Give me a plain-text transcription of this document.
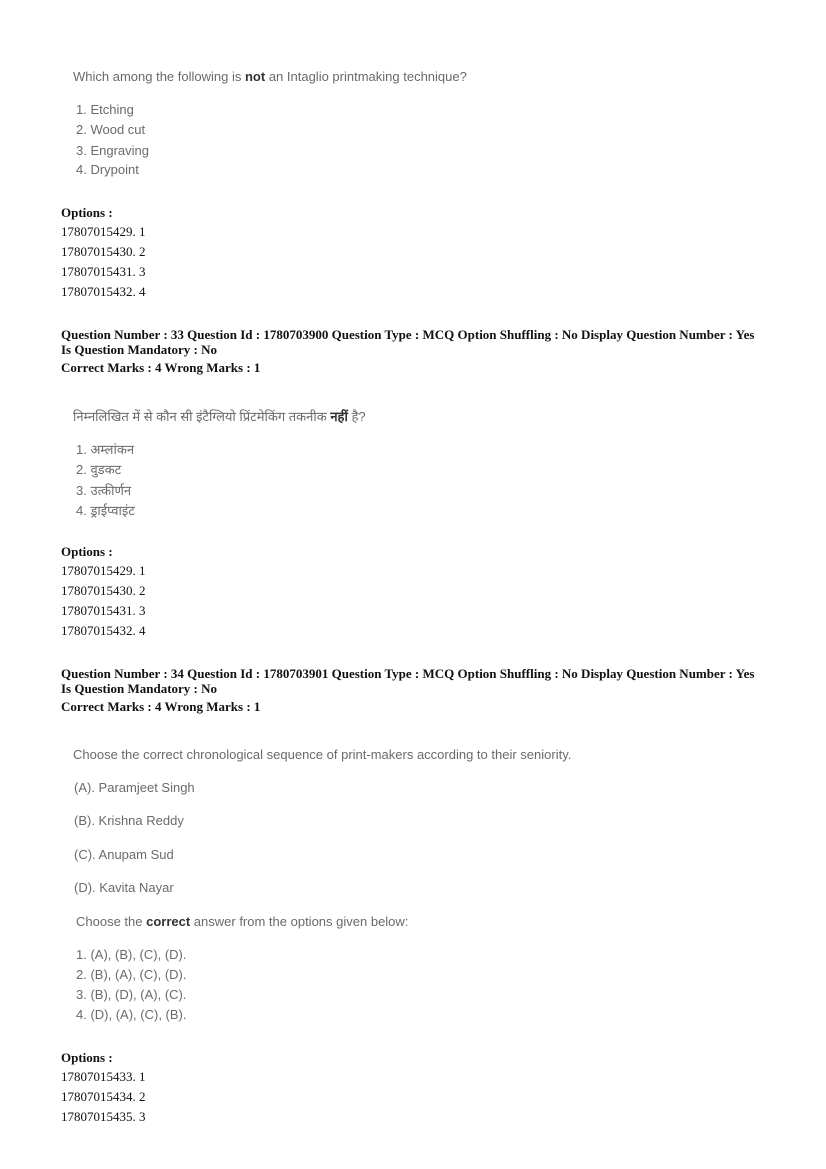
Which among the following is not an Intaglio printmaking technique?
1. Etching
2. Wood cut
3. Engraving
4. Drypoint
Options :
17807015429. 1
17807015430. 2
17807015431. 3
17807015432. 4
Question Number : 33 Question Id : 1780703900 Question Type : MCQ Option Shuffling : No Display Question Number : Yes
Is Question Mandatory : No
Correct Marks : 4 Wrong Marks : 1
निम्नलिखित में से कौन सी इंटैग्लियो प्रिंटमेकिंग तकनीक नहीं है?
1. अम्लांकन
2. वुडकट
3. उत्कीर्णन
4. ड्राईप्वाइंट
Options :
17807015429. 1
17807015430. 2
17807015431. 3
17807015432. 4
Question Number : 34 Question Id : 1780703901 Question Type : MCQ Option Shuffling : No Display Question Number : Yes
Is Question Mandatory : No
Correct Marks : 4 Wrong Marks : 1
Choose the correct chronological sequence of print-makers according to their seniority.
(A). Paramjeet Singh
(B). Krishna Reddy
(C). Anupam Sud
(D). Kavita Nayar
Choose the correct answer from the options given below:
1. (A), (B), (C), (D).
2. (B), (A), (C), (D).
3. (B), (D), (A), (C).
4. (D), (A), (C), (B).
Options :
17807015433. 1
17807015434. 2
17807015435. 3
